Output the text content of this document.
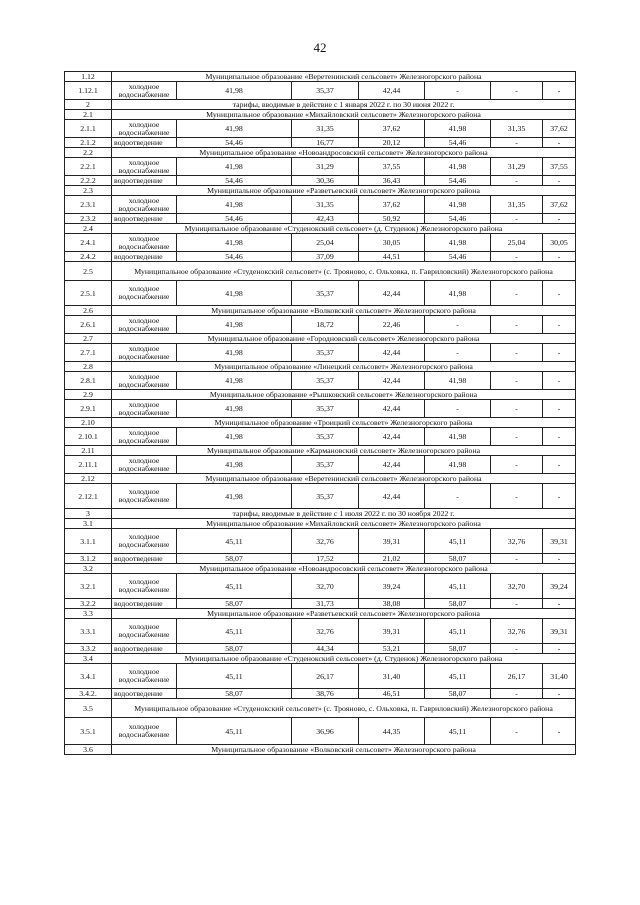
42
1.12	Муниципальное образование «Веретенинский сельсовет» Железногорского района						
1.12.1	холодное водоснабжение	41,98	35,37	42,44	-	-	-
2	тарифы, вводимые в действие с 1 января 2022 г. по 30 июня 2022 г.						
2.1	Муниципальное образование «Михайловский сельсовет» Железногорского района						
2.1.1	холодное водоснабжение	41,98	31,35	37,62	41,98	31,35	37,62
2.1.2	водоотведение	54,46	16,77	20,12	54,46	-	-
2.2	Муниципальное образование «Новоандросовский сельсовет» Железногорского района						
2.2.1	холодное водоснабжение	41,98	31,29	37,55	41,98	31,29	37,55
2.2.2	водоотведение	54,46	30,36	36,43	54,46	-	-
2.3	Муниципальное образование «Разветьевский сельсовет» Железногорского района						
2.3.1	холодное водоснабжение	41,98	31,35	37,62	41,98	31,35	37,62
2.3.2	водоотведение	54,46	42,43	50,92	54,46	-	-
2.4	Муниципальное образование «Студенокский сельсовет» (д. Студенок) Железногорского района						
2.4.1	холодное водоснабжение	41,98	25,04	30,05	41,98	25,04	30,05
2.4.2	водоотведение	54,46	37,09	44,51	54,46	-	-
2.5	Муниципальное образование «Студенокский сельсовет» (с. Трояново, с. Ольховка, п. Гавриловский) Железногорского района						
2.5.1	холодное водоснабжение	41,98	35,37	42,44	41,98	-	-
2.6	Муниципальное образование «Волковский сельсовет» Железногорского района						
2.6.1	холодное водоснабжение	41,98	18,72	22,46	-	-	-
2.7	Муниципальное образование «Городновский сельсовет» Железногорского района						
2.7.1	холодное водоснабжение	41,98	35,37	42,44	-	-	-
2.8	Муниципальное образование «Линецкий сельсовет» Железногорского района						
2.8.1	холодное водоснабжение	41,98	35,37	42,44	41,98	-	-
2.9	Муниципальное образование «Рышковский сельсовет» Железногорского района						
2.9.1	холодное водоснабжение	41,98	35,37	42,44	-	-	-
2.10	Муниципальное образование «Троицкий сельсовет» Железногорского района						
2.10.1	холодное водоснабжение	41,98	35,37	42,44	41,98	-	-
2.11	Муниципальное образование «Кармановский сельсовет» Железногорского района						
2.11.1	холодное водоснабжение	41,98	35,37	42,44	41,98	-	-
2.12	Муниципальное образование «Веретенинский сельсовет» Железногорского района						
2.12.1	холодное водоснабжение	41,98	35,37	42,44	-	-	-
3	тарифы, вводимые в действие с 1 июля 2022 г. по 30 ноября 2022 г.						
3.1	Муниципальное образование «Михайловский сельсовет» Железногорского района						
3.1.1	холодное водоснабжение	45,11	32,76	39,31	45,11	32,76	39,31
3.1.2	водоотведение	58,07	17,52	21,02	58,07	-	-
3.2	Муниципальное образование «Новоандросовский сельсовет» Железногорского района						
3.2.1	холодное водоснабжение	45,11	32,70	39,24	45,11	32,70	39,24
3.2.2	водоотведение	58,07	31,73	38,08	58,07	-	-
3.3	Муниципальное образование «Разветьевский сельсовет» Железногорского района						
3.3.1	холодное водоснабжение	45,11	32,76	39,31	45,11	32,76	39,31
3.3.2	водоотведение	58,07	44,34	53,21	58,07	-	-
3.4	Муниципальное образование «Студенокский сельсовет» (д. Студенок) Железногорского района						
3.4.1	холодное водоснабжение	45,11	26,17	31,40	45,11	26,17	31,40
3.4.2.	водоотведение	58,07	38,76	46,51	58,07	-	-
3.5	Муниципальное образование «Студенокский сельсовет» (с. Трояново, с. Ольховка, п. Гавриловский) Железногорского района						
3.5.1	холодное водоснабжение	45,11	36,96	44,35	45,11	-	-
3.6	Муниципальное образование «Волковский сельсовет» Железногорского района						
